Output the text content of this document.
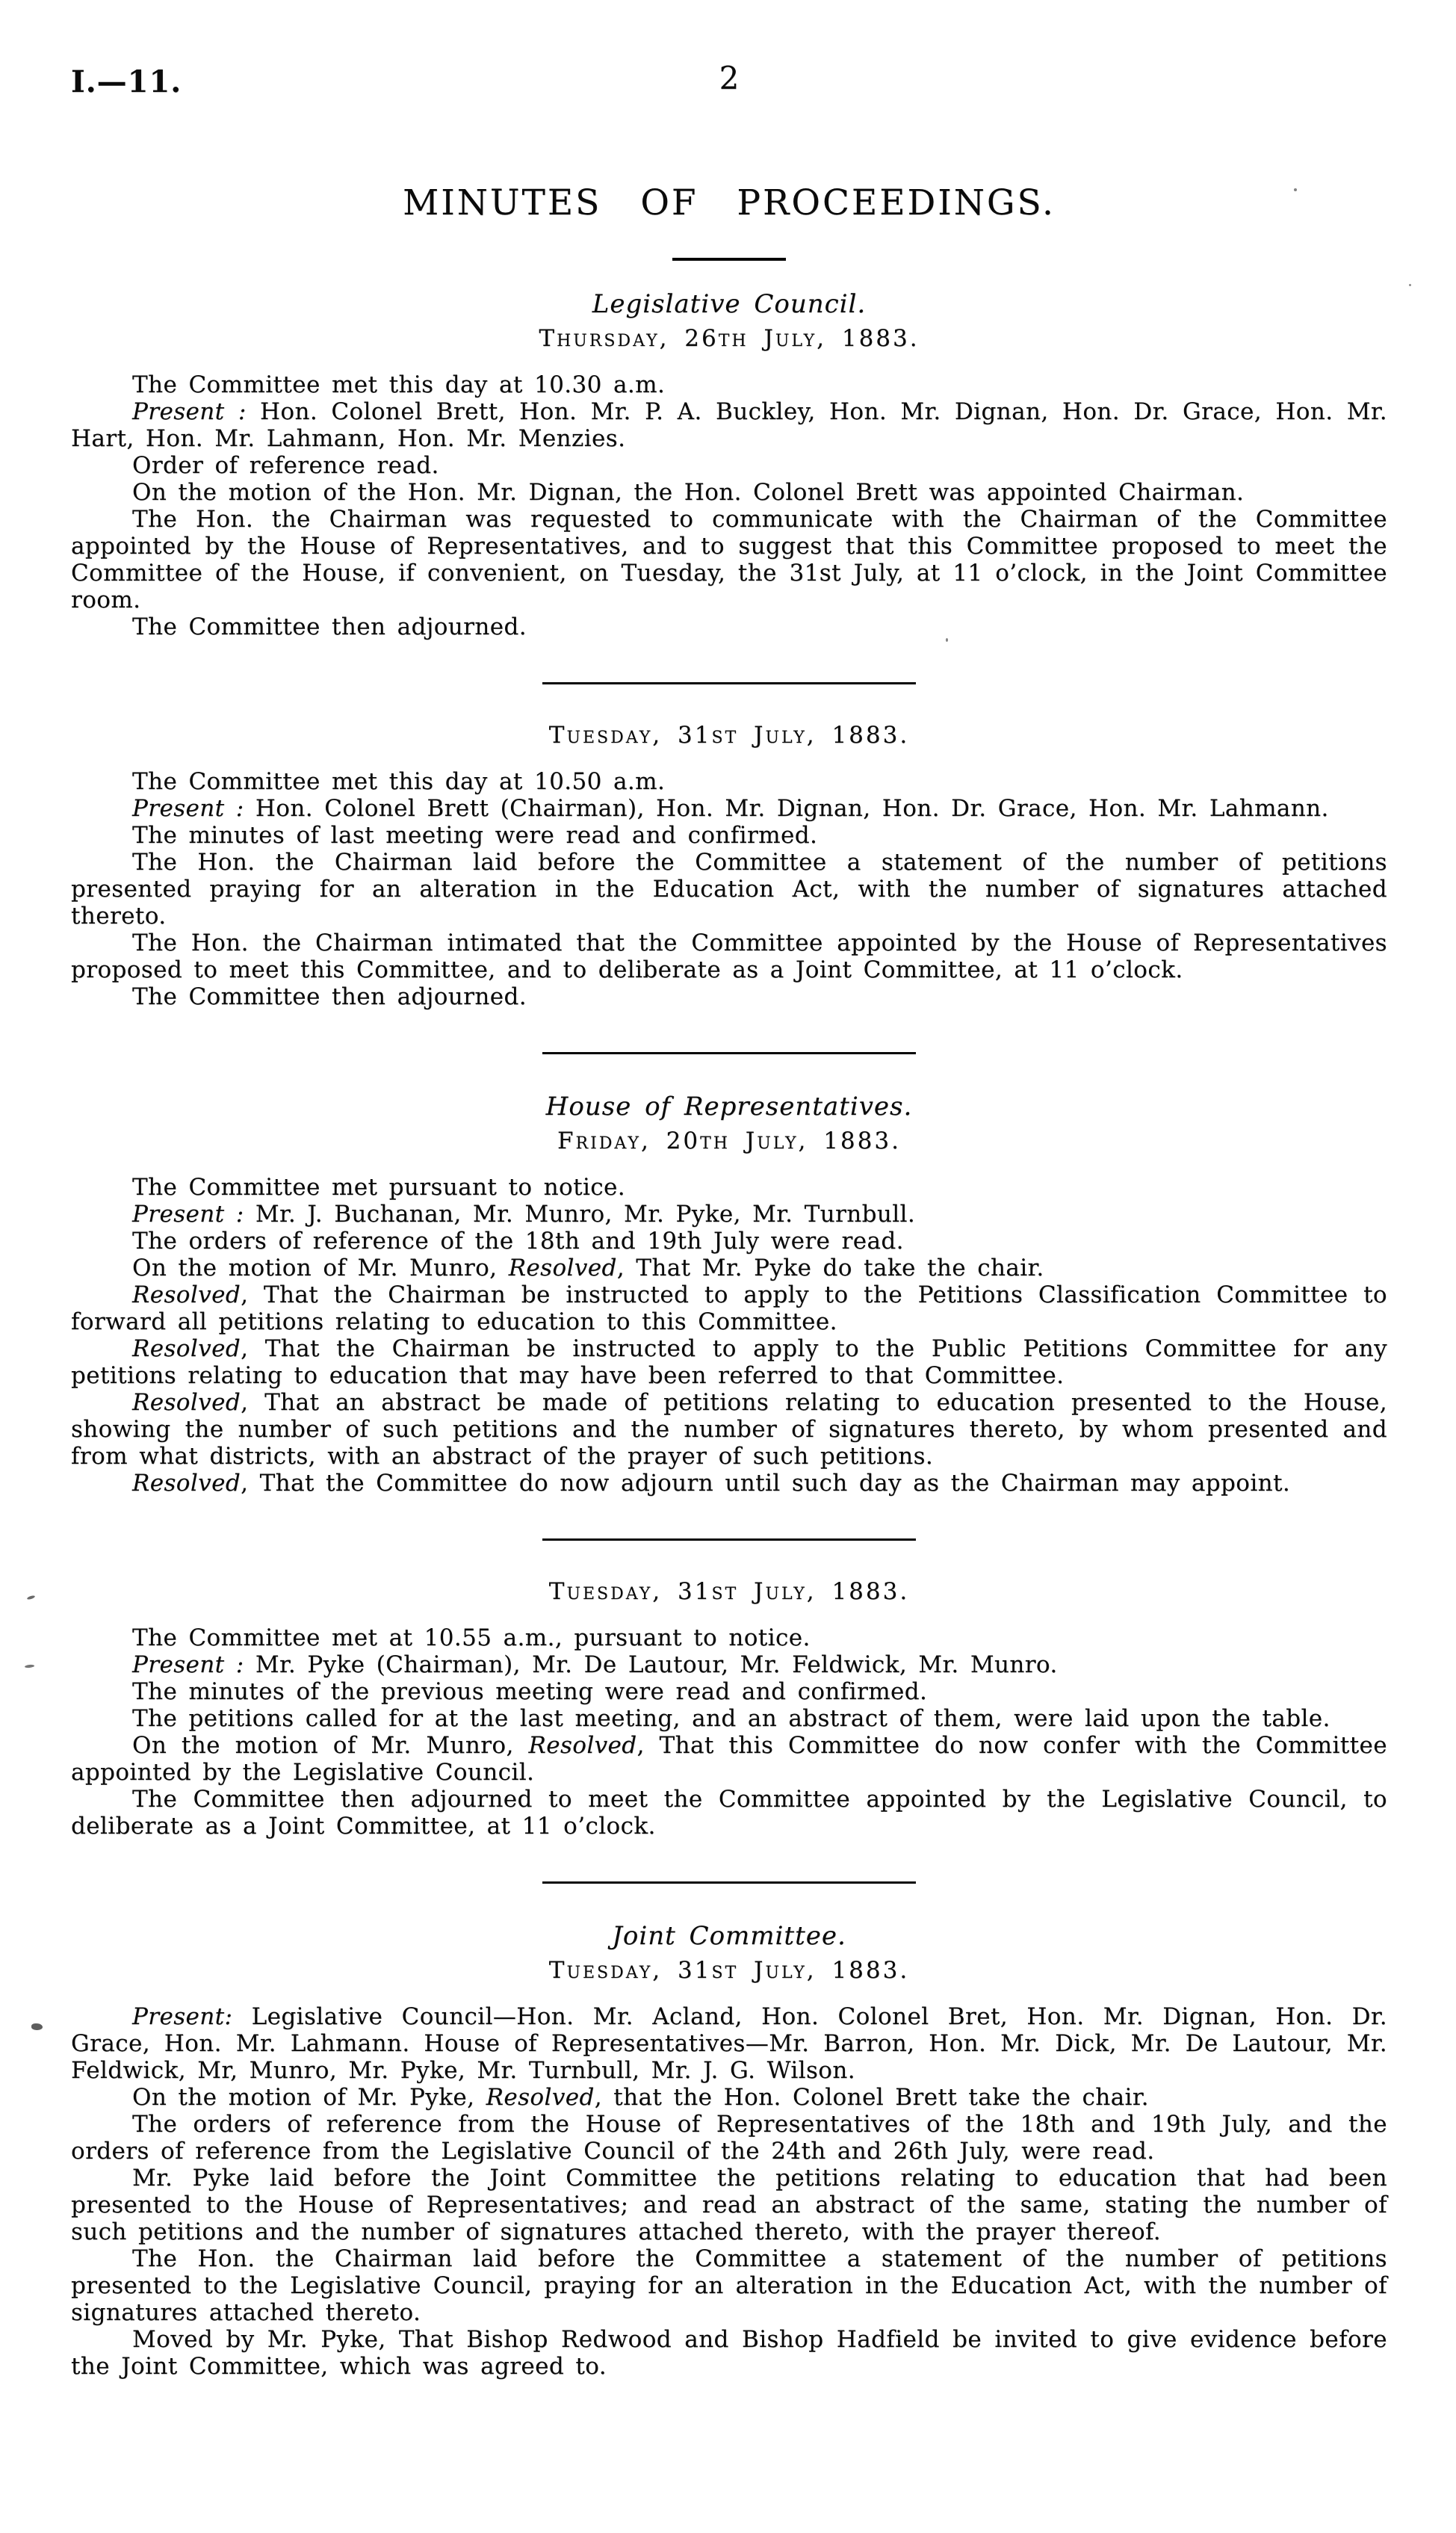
I.—11.	2
MINUTES OF PROCEEDINGS.
Legislative Council.
Thursday, 26th July, 1883.

The Committee met this day at 10.30 a.m.

Present : Hon. Colonel Brett, Hon. Mr. P. A. Buckley, Hon. Mr. Dignan, Hon. Dr. Grace, Hon. Mr. Hart, Hon. Mr. Lahmann, Hon. Mr. Menzies.

Order of reference read.

On the motion of the Hon. Mr. Dignan, the Hon. Colonel Brett was appointed Chairman.

The Hon. the Chairman was requested to communicate with the Chairman of the Committee appointed by the House of Representatives, and to suggest that this Committee proposed to meet the Committee of the House, if convenient, on Tuesday, the 31st July, at 11 o’clock, in the Joint Committee room.

The Committee then adjourned.

Tuesday, 31st July, 1883.

The Committee met this day at 10.50 a.m.

Present : Hon. Colonel Brett (Chairman), Hon. Mr. Dignan, Hon. Dr. Grace, Hon. Mr. Lahmann.

The minutes of last meeting were read and confirmed.

The Hon. the Chairman laid before the Committee a statement of the number of petitions presented praying for an alteration in the Education Act, with the number of signatures attached thereto.

The Hon. the Chairman intimated that the Committee appointed by the House of Representatives proposed to meet this Committee, and to deliberate as a Joint Committee, at 11 o’clock.

The Committee then adjourned.

House of Representatives.
Friday, 20th July, 1883.

The Committee met pursuant to notice.

Present : Mr. J. Buchanan, Mr. Munro, Mr. Pyke, Mr. Turnbull.

The orders of reference of the 18th and 19th July were read.

On the motion of Mr. Munro, Resolved, That Mr. Pyke do take the chair.

Resolved, That the Chairman be instructed to apply to the Petitions Classification Committee to forward all petitions relating to education to this Committee.

Resolved, That the Chairman be instructed to apply to the Public Petitions Committee for any petitions relating to education that may have been referred to that Committee.

Resolved, That an abstract be made of petitions relating to education presented to the House, showing the number of such petitions and the number of signatures thereto, by whom presented and from what districts, with an abstract of the prayer of such petitions.

Resolved, That the Committee do now adjourn until such day as the Chairman may appoint.

Tuesday, 31st July, 1883.

The Committee met at 10.55 a.m., pursuant to notice.

Present : Mr. Pyke (Chairman), Mr. De Lautour, Mr. Feldwick, Mr. Munro.

The minutes of the previous meeting were read and confirmed.

The petitions called for at the last meeting, and an abstract of them, were laid upon the table.

On the motion of Mr. Munro, Resolved, That this Committee do now confer with the Committee appointed by the Legislative Council.

The Committee then adjourned to meet the Committee appointed by the Legislative Council, to deliberate as a Joint Committee, at 11 o’clock.

Joint Committee.
Tuesday, 31st July, 1883.

Present: Legislative Council—Hon. Mr. Acland, Hon. Colonel Bret, Hon. Mr. Dignan, Hon. Dr. Grace, Hon. Mr. Lahmann. House of Representatives—Mr. Barron, Hon. Mr. Dick, Mr. De Lautour, Mr. Feldwick, Mr, Munro, Mr. Pyke, Mr. Turnbull, Mr. J. G. Wilson.

On the motion of Mr. Pyke, Resolved, that the Hon. Colonel Brett take the chair.

The orders of reference from the House of Representatives of the 18th and 19th July, and the orders of reference from the Legislative Council of the 24th and 26th July, were read.

Mr. Pyke laid before the Joint Committee the petitions relating to education that had been presented to the House of Representatives; and read an abstract of the same, stating the number of such petitions and the number of signatures attached thereto, with the prayer thereof.

The Hon. the Chairman laid before the Committee a statement of the number of petitions presented to the Legislative Council, praying for an alteration in the Education Act, with the number of signatures attached thereto.

Moved by Mr. Pyke, That Bishop Redwood and Bishop Hadfield be invited to give evidence before the Joint Committee, which was agreed to.
